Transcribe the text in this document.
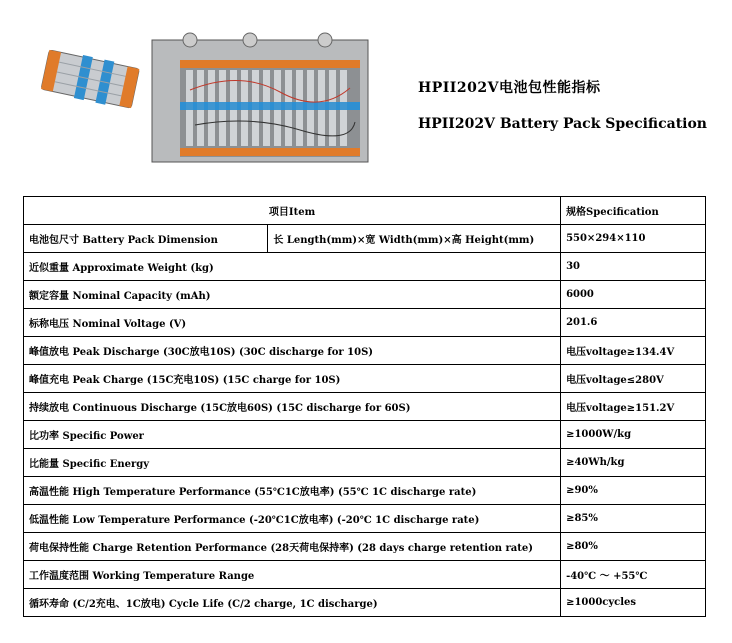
HPII202V电池包性能指标
HPII202V Battery Pack Specification
项目Item		规格Specification
电池包尺寸 Battery Pack Dimension	长 Length(mm)×宽 Width(mm)×高 Height(mm)	550×294×110
近似重量 Approximate Weight (kg)		30
额定容量 Nominal Capacity (mAh)		6000
标称电压 Nominal Voltage (V)		201.6
峰值放电 Peak Discharge (30C放电10S) (30C discharge for 10S)		电压voltage≥134.4V
峰值充电 Peak Charge (15C充电10S) (15C charge for 10S)		电压voltage≤280V
持续放电 Continuous Discharge (15C放电60S) (15C discharge for 60S)		电压voltage≥151.2V
比功率 Specific Power		≥1000W/kg
比能量 Specific Energy		≥40Wh/kg
高温性能 High Temperature Performance (55℃1C放电率) (55℃ 1C discharge rate)		≥90%
低温性能 Low Temperature Performance (-20℃1C放电率) (-20℃ 1C discharge rate)		≥85%
荷电保持性能 Charge Retention Performance (28天荷电保持率) (28 days charge retention rate)		≥80%
工作温度范围 Working Temperature Range		-40℃ ～ +55℃
循环寿命 (C/2充电、1C放电) Cycle Life (C/2 charge, 1C discharge)		≥1000cycles
